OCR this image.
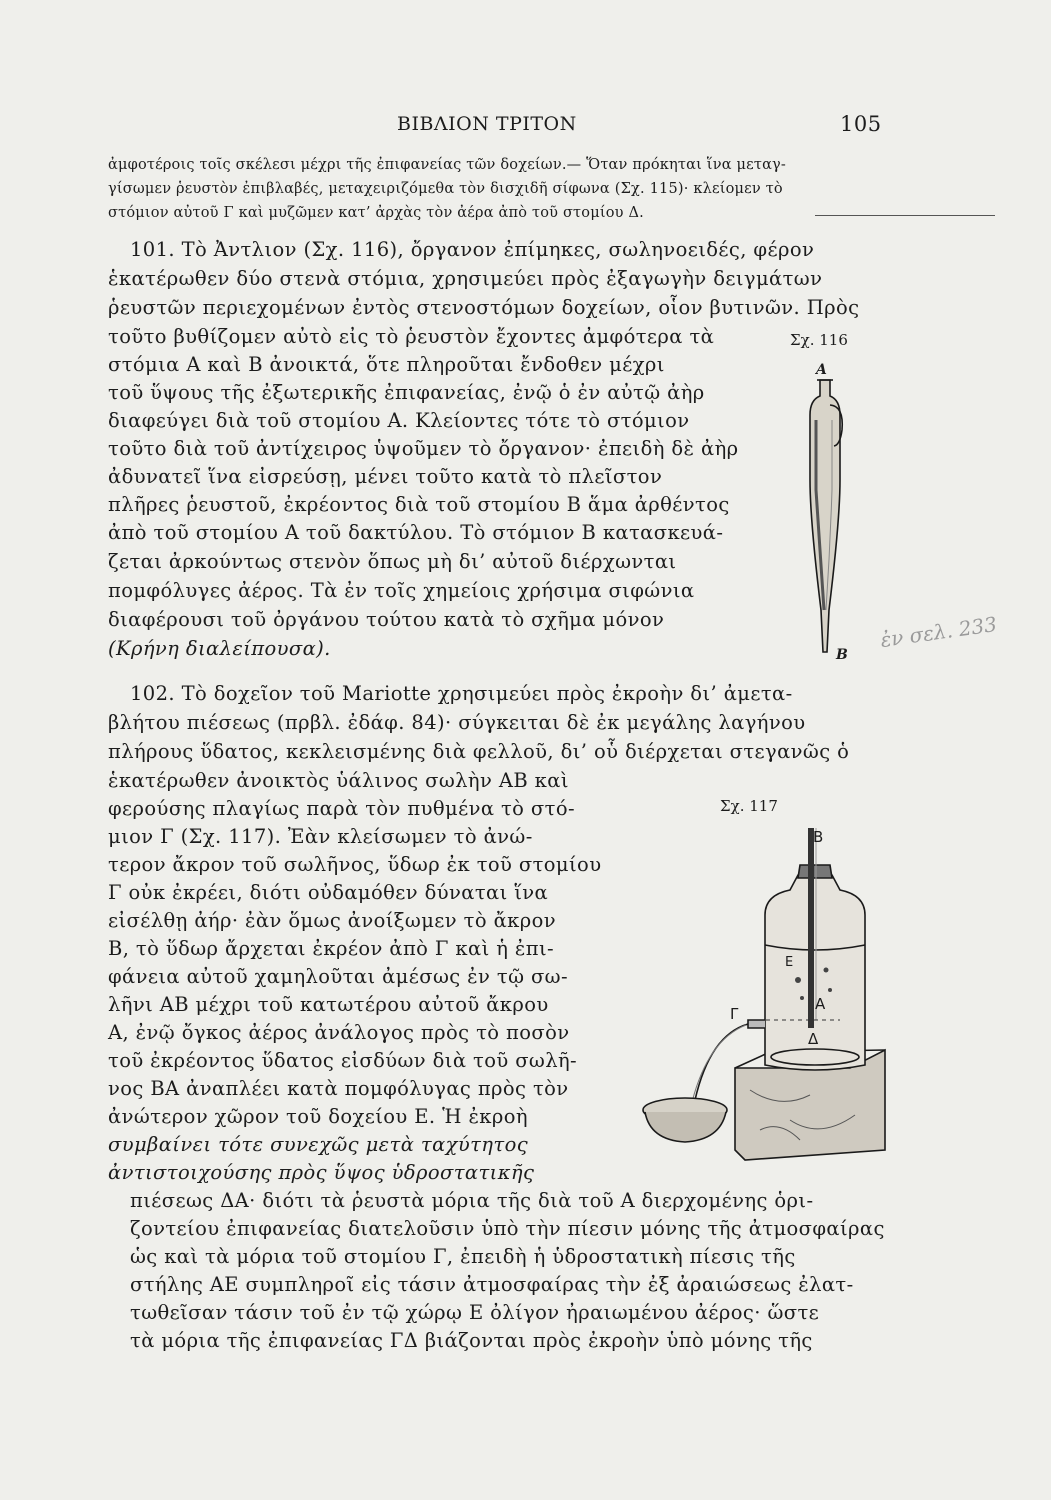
ΒΙΒΛΙΟΝ ΤΡΙΤΟΝ	105
ἀμφοτέροις τοῖς σκέλεσι μέχρι τῆς ἐπιφανείας τῶν δοχείων.— Ὅταν πρόκηται ἵνα μεταγ-
γίσωμεν ῥευστὸν ἐπιβλαβές, μεταχειριζόμεθα τὸν δισχιδῆ σίφωνα (Σχ. 115)· κλείομεν τὸ
στόμιον αὐτοῦ Γ καὶ μυζῶμεν κατ’ ἀρχὰς τὸν ἀέρα ἀπὸ τοῦ στομίου Δ.
101. Τὸ Ἀντλιον (Σχ. 116), ὄργανον ἐπίμηκες, σωληνοειδές, φέρον
ἑκατέρωθεν δύο στενὰ στόμια, χρησιμεύει πρὸς ἐξαγωγὴν δειγμάτων
ῥευστῶν περιεχομένων ἐντὸς στενοστόμων δοχείων, οἷον βυτινῶν. Πρὸς
τοῦτο βυθίζομεν αὐτὸ εἰς τὸ ῥευστὸν ἔχοντες ἀμφότερα τὰ
στόμια Α καὶ Β ἀνοικτά, ὅτε πληροῦται ἔνδοθεν μέχρι
τοῦ ὕψους τῆς ἐξωτερικῆς ἐπιφανείας, ἐνῷ ὁ ἐν αὐτῷ ἀὴρ
διαφεύγει διὰ τοῦ στομίου Α. Κλείοντες τότε τὸ στόμιον
τοῦτο διὰ τοῦ ἀντίχειρος ὑψοῦμεν τὸ ὄργανον· ἐπειδὴ δὲ ἀὴρ
ἀδυνατεῖ ἵνα εἰσρεύσῃ, μένει τοῦτο κατὰ τὸ πλεῖστον
πλῆρες ῥευστοῦ, ἐκρέοντος διὰ τοῦ στομίου Β ἅμα ἀρθέντος
ἀπὸ τοῦ στομίου Α τοῦ δακτύλου. Τὸ στόμιον Β κατασκευά-
ζεται ἀρκούντως στενὸν ὅπως μὴ δι’ αὐτοῦ διέρχωνται
πομφόλυγες ἀέρος. Τὰ ἐν τοῖς χημείοις χρήσιμα σιφώνια
διαφέρουσι τοῦ ὀργάνου τούτου κατὰ τὸ σχῆμα μόνον
(Κρήνη διαλείπουσα).
Σχ. 116
A
B
ἐν σελ. 233
102. Τὸ δοχεῖον τοῦ Mariotte χρησιμεύει πρὸς ἐκροὴν δι’ ἀμετα-
βλήτου πιέσεως (πρβλ. ἐδάφ. 84)· σύγκειται δὲ ἐκ μεγάλης λαγήνου
πλήρους ὕδατος, κεκλεισμένης διὰ φελλοῦ, δι’ οὗ διέρχεται στεγανῶς ὁ
ἑκατέρωθεν ἀνοικτὸς ὑάλινος σωλὴν ΑΒ καὶ
φερούσης πλαγίως παρὰ τὸν πυθμένα τὸ στό-
μιον Γ (Σχ. 117). Ἐὰν κλείσωμεν τὸ ἀνώ-
τερον ἄκρον τοῦ σωλῆνος, ὕδωρ ἐκ τοῦ στομίου
Γ οὐκ ἐκρέει, διότι οὐδαμόθεν δύναται ἵνα
εἰσέλθῃ ἀήρ· ἐὰν ὅμως ἀνοίξωμεν τὸ ἄκρον
Β, τὸ ὕδωρ ἄρχεται ἐκρέον ἀπὸ Γ καὶ ἡ ἐπι-
φάνεια αὐτοῦ χαμηλοῦται ἀμέσως ἐν τῷ σω-
λῆνι ΑΒ μέχρι τοῦ κατωτέρου αὐτοῦ ἄκρου
Α, ἐνῷ ὄγκος ἀέρος ἀνάλογος πρὸς τὸ ποσὸν
τοῦ ἐκρέοντος ὕδατος εἰσδύων διὰ τοῦ σωλῆ-
νος ΒΑ ἀναπλέει κατὰ πομφόλυγας πρὸς τὸν
ἀνώτερον χῶρον τοῦ δοχείου Ε. Ἡ ἐκροὴ
συμβαίνει τότε συνεχῶς μετὰ ταχύτητος
ἀντιστοιχούσης πρὸς ὕψος ὑδροστατικῆς
πιέσεως ΔΑ· διότι τὰ ῥευστὰ μόρια τῆς διὰ τοῦ Α διερχομένης ὁρι-
ζοντείου ἐπιφανείας διατελοῦσιν ὑπὸ τὴν πίεσιν μόνης τῆς ἀτμοσφαίρας
ὡς καὶ τὰ μόρια τοῦ στομίου Γ, ἐπειδὴ ἡ ὑδροστατικὴ πίεσις τῆς
στήλης ΑΕ συμπληροῖ εἰς τάσιν ἀτμοσφαίρας τὴν ἐξ ἀραιώσεως ἐλατ-
τωθεῖσαν τάσιν τοῦ ἐν τῷ χώρῳ Ε ὀλίγον ἠραιωμένου ἀέρος· ὥστε
τὰ μόρια τῆς ἐπιφανείας ΓΔ βιάζονται πρὸς ἐκροὴν ὑπὸ μόνης τῆς
Σχ. 117
B
E
A
Γ
Δ
